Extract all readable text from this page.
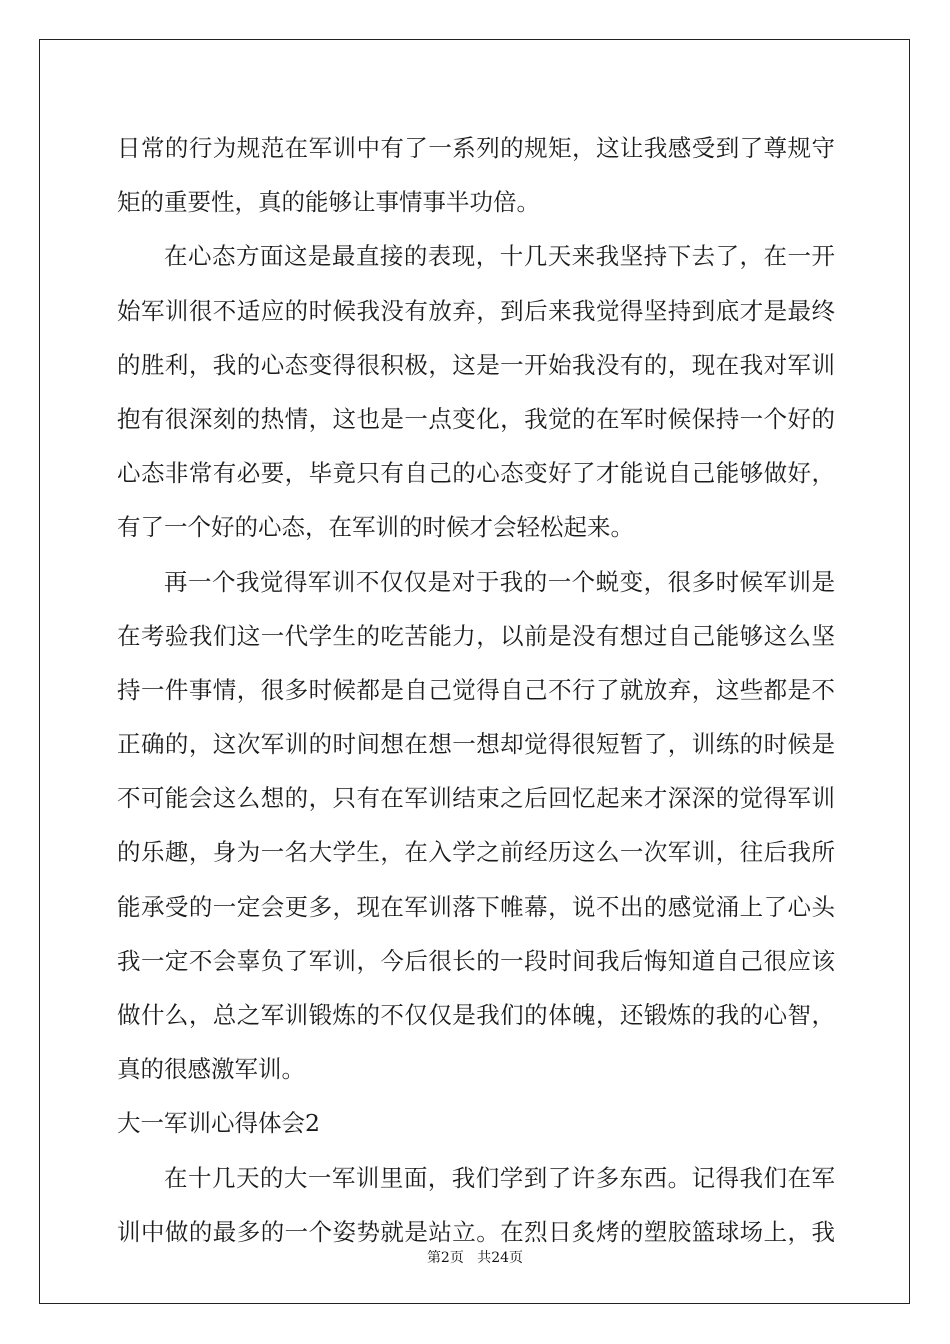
日常的行为规范在军训中有了一系列的规矩，这让我感受到了尊规守
矩的重要性，真的能够让事情事半功倍。
在心态方面这是最直接的表现，十几天来我坚持下去了，在一开
始军训很不适应的时候我没有放弃，到后来我觉得坚持到底才是最终
的胜利，我的心态变得很积极，这是一开始我没有的，现在我对军训
抱有很深刻的热情，这也是一点变化，我觉的在军时候保持一个好的
心态非常有必要，毕竟只有自己的心态变好了才能说自己能够做好，
有了一个好的心态，在军训的时候才会轻松起来。
再一个我觉得军训不仅仅是对于我的一个蜕变，很多时候军训是
在考验我们这一代学生的吃苦能力，以前是没有想过自己能够这么坚
持一件事情，很多时候都是自己觉得自己不行了就放弃，这些都是不
正确的，这次军训的时间想在想一想却觉得很短暂了，训练的时候是
不可能会这么想的，只有在军训结束之后回忆起来才深深的觉得军训
的乐趣，身为一名大学生，在入学之前经历这么一次军训，往后我所
能承受的一定会更多，现在军训落下帷幕，说不出的感觉涌上了心头
我一定不会辜负了军训，今后很长的一段时间我后悔知道自己很应该
做什么，总之军训锻炼的不仅仅是我们的体魄，还锻炼的我的心智，
真的很感激军训。
大一军训心得体会2
在十几天的大一军训里面，我们学到了许多东西。记得我们在军
训中做的最多的一个姿势就是站立。在烈日炙烤的塑胶篮球场上，我
第2页 共24页
